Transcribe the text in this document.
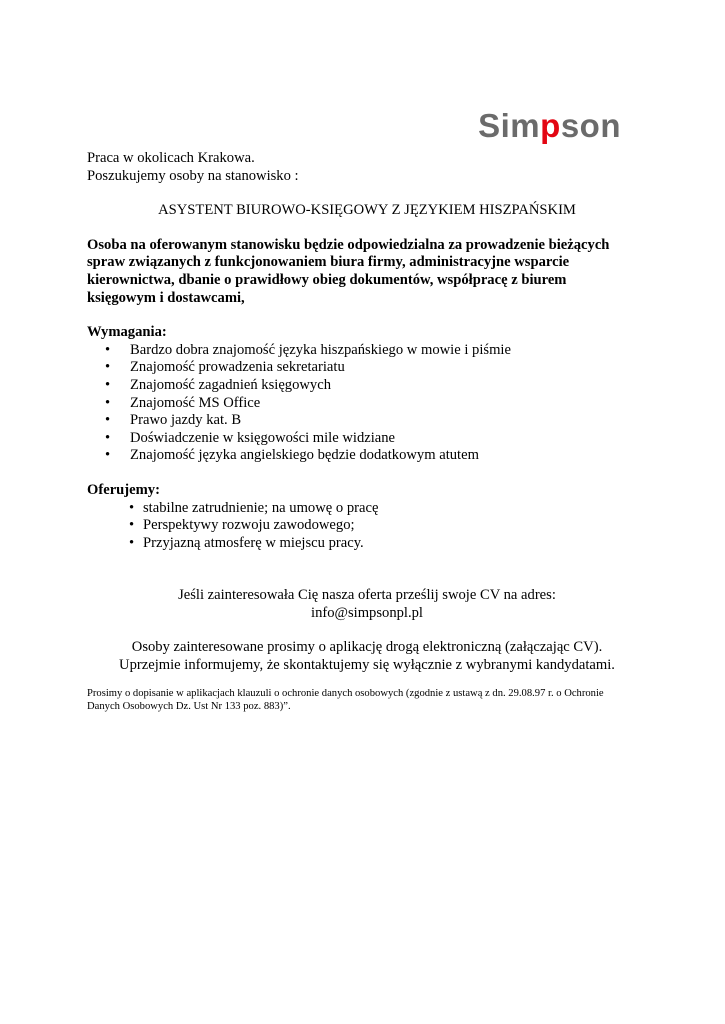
Simpson
Praca w okolicach Krakowa.
Poszukujemy osoby na stanowisko :
ASYSTENT BIUROWO-KSIĘGOWY Z JĘZYKIEM HISZPAŃSKIM
Osoba na oferowanym stanowisku będzie odpowiedzialna za prowadzenie bieżących
spraw związanych z funkcjonowaniem biura firmy, administracyjne wsparcie
kierownictwa, dbanie o prawidłowy obieg dokumentów, współpracę z biurem
księgowym i dostawcami,
Wymagania:
• Bardzo dobra znajomość języka hiszpańskiego w mowie i piśmie
• Znajomość prowadzenia sekretariatu
• Znajomość zagadnień księgowych
• Znajomość MS Office
• Prawo jazdy kat. B
• Doświadczenie w księgowości mile widziane
• Znajomość języka angielskiego będzie dodatkowym atutem
Oferujemy:
• stabilne zatrudnienie; na umowę o pracę
• Perspektywy rozwoju zawodowego;
• Przyjazną atmosferę w miejscu pracy.
Jeśli zainteresowała Cię nasza oferta prześlij swoje CV na adres:
info@simpsonpl.pl
Osoby zainteresowane prosimy o aplikację drogą elektroniczną (załączając CV).
Uprzejmie informujemy, że skontaktujemy się wyłącznie z wybranymi kandydatami.
Prosimy o dopisanie w aplikacjach klauzuli o ochronie danych osobowych (zgodnie z ustawą z dn. 29.08.97 r. o Ochronie
Danych Osobowych Dz. Ust Nr 133 poz. 883)”.
